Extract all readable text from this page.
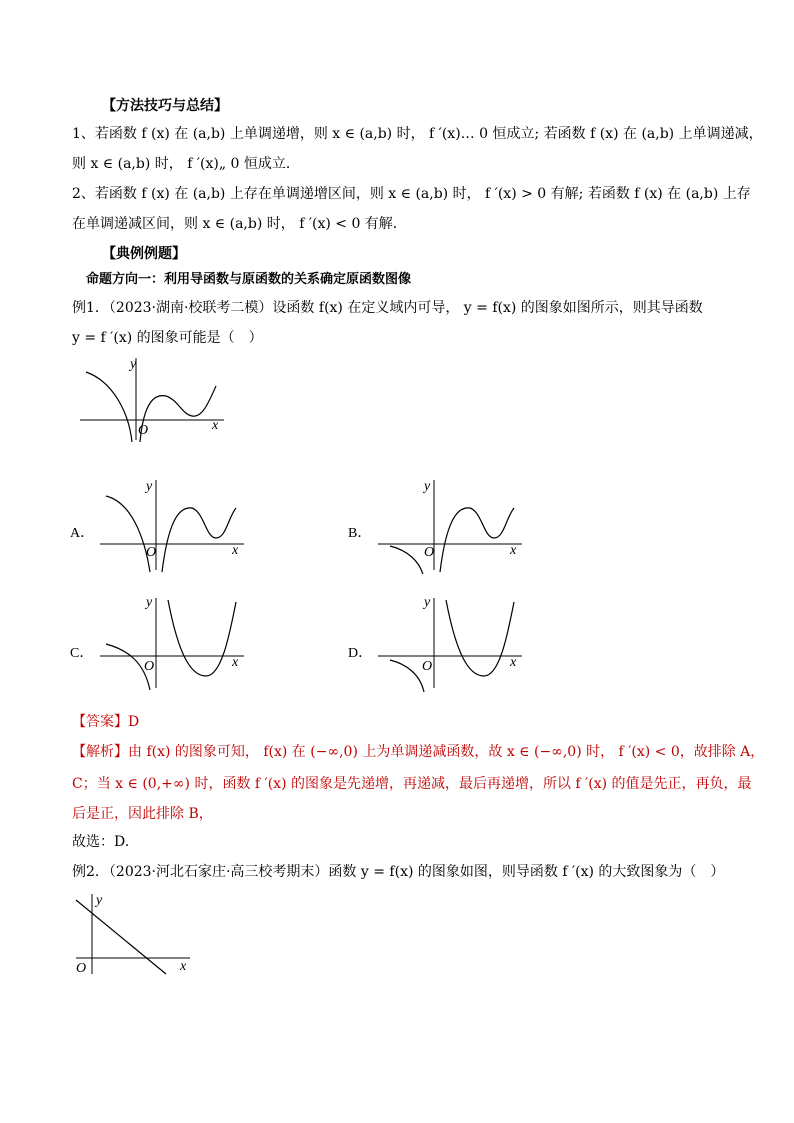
【方法技巧与总结】
1、若函数 f (x) 在 (a,b) 上单调递增，则 x ∈ (a,b) 时， f ′(x)… 0 恒成立; 若函数 f (x) 在 (a,b) 上单调递减，
则 x ∈ (a,b) 时， f ′(x)„ 0 恒成立．
2、若函数 f (x) 在 (a,b) 上存在单调递增区间，则 x ∈ (a,b) 时， f ′(x) > 0 有解; 若函数 f (x) 在 (a,b) 上存
在单调递减区间，则 x ∈ (a,b) 时， f ′(x) < 0 有解．
【典例例题】
命题方向一：利用导函数与原函数的关系确定原函数图像
例1．（2023·湖南·校联考二模）设函数 f(x) 在定义域内可导， y = f(x) 的图象如图所示，则其导函数
y = f ′(x) 的图象可能是（　）
x
y
O
A．
x
y
O
B．
x
y
O
C．
x
y
O
D．
x
y
O
【答案】D
【解析】由 f(x) 的图象可知， f(x) 在 (−∞,0) 上为单调递减函数，故 x ∈ (−∞,0) 时， f ′(x) < 0，故排除 A，
C；当 x ∈ (0,+∞) 时，函数 f ′(x) 的图象是先递增，再递减，最后再递增，所以 f ′(x) 的值是先正，再负，最
后是正，因此排除 B，
故选：D.
例2．（2023·河北石家庄·高三校考期末）函数 y = f(x) 的图象如图，则导函数 f ′(x) 的大致图象为（　）
x
y
O
